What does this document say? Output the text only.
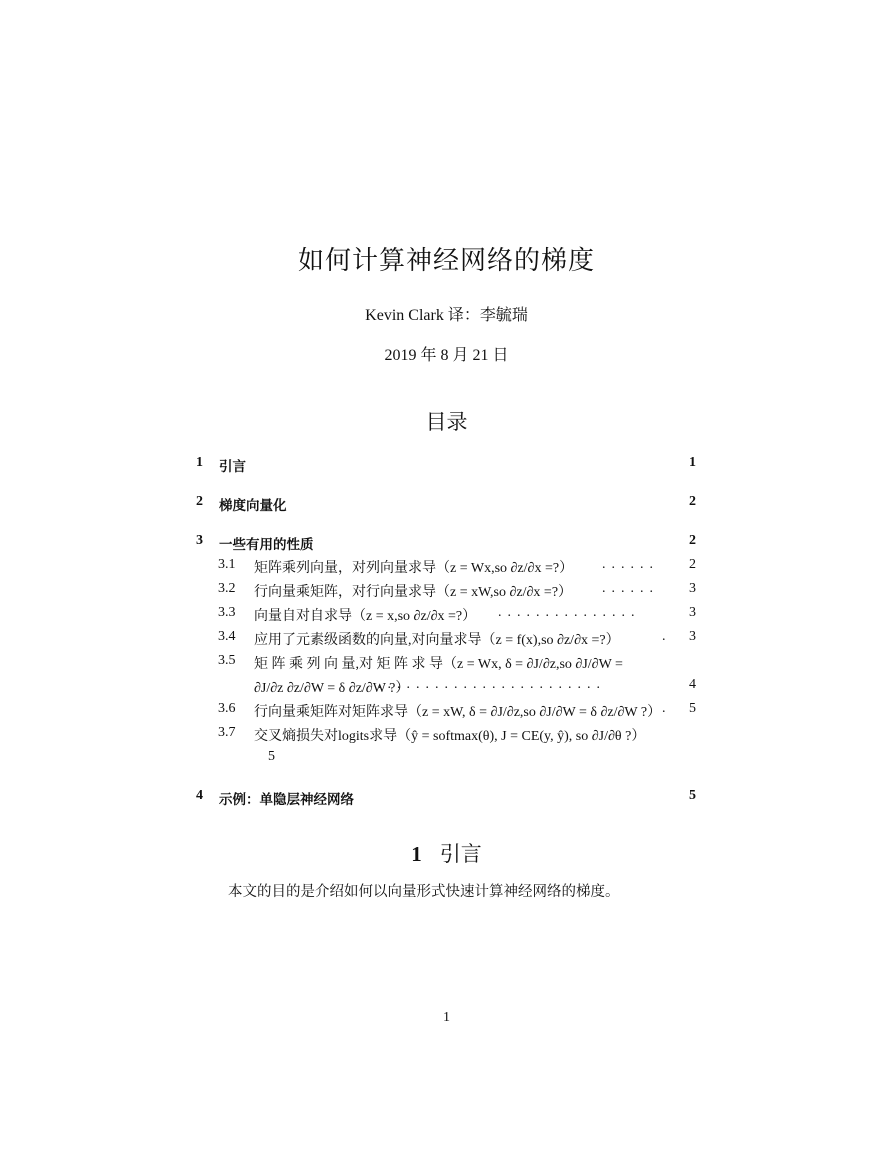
如何计算神经网络的梯度
Kevin Clark 译：李毓瑞
2019 年 8 月 21 日
目录
1 引言	1
2 梯度向量化	2
3 一些有用的性质	2
3.1 矩阵乘列向量，对列向量求导（z = Wx,so ∂z/∂x =?） ...... 2
3.2 行向量乘矩阵，对行向量求导（z = xW,so ∂z/∂x =?） ...... 3
3.3 向量自对自求导（z = x,so ∂z/∂x =?） ...............	3
3.4 应用了元素级函数的向量,对向量求导（z = f(x),so ∂z/∂x =?）	. 3
3.5 矩 阵 乘 列 向 量,对 矩 阵 求 导（z = Wx, δ = ∂J/∂z,so ∂J/∂W =
∂J/∂z ∂z/∂W = δ ∂z/∂W ?）
........................	4
3.6 行向量乘矩阵对矩阵求导（z = xW, δ = ∂J/∂z,so ∂J/∂W = δ ∂z/∂W ?） . 5
3.7 交叉熵损失对logits求导（ŷ = softmax(θ), J = CE(y, ŷ), so ∂J/∂θ ?）
5
4 示例：单隐层神经网络	5
1 引言
本文的目的是介绍如何以向量形式快速计算神经网络的梯度。
1
